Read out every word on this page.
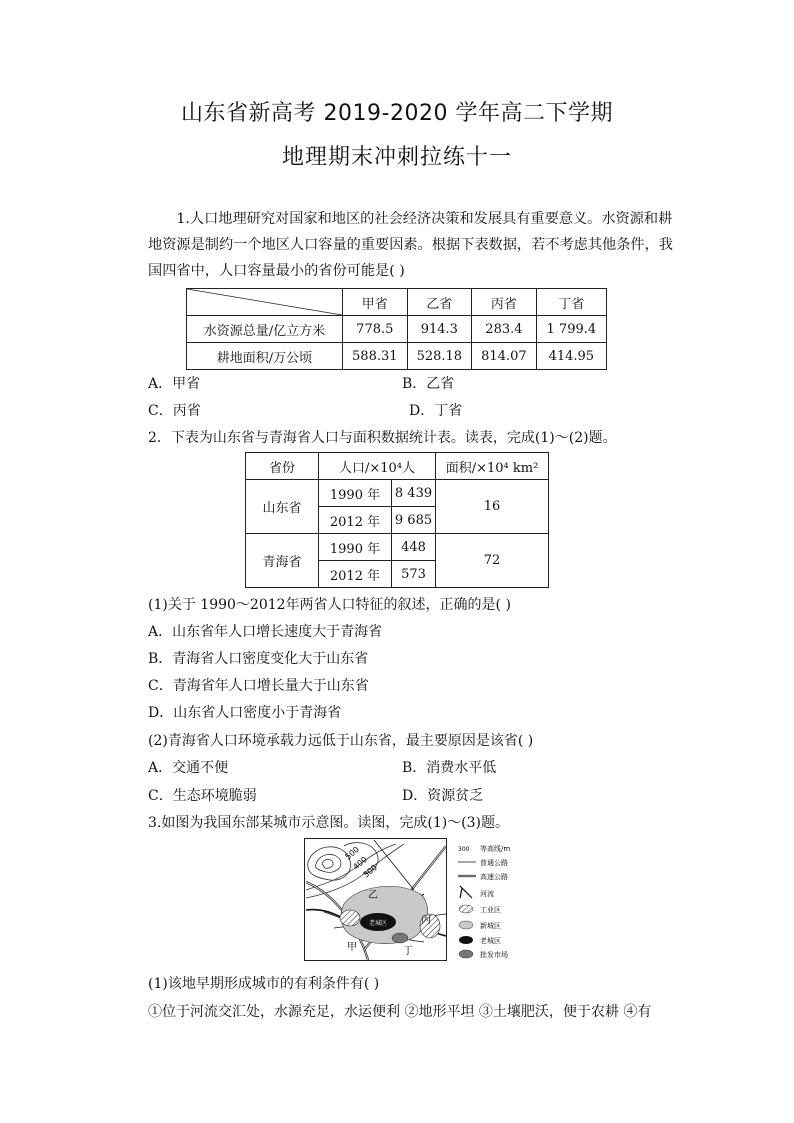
山东省新高考 2019-2020 学年高二下学期
地理期末冲刺拉练十一
1.人口地理研究对国家和地区的社会经济决策和发展具有重要意义。水资源和耕地资源是制约一个地区人口容量的重要因素。根据下表数据，若不考虑其他条件，我国四省中，人口容量最小的省份可能是( )
	甲省	乙省	丙省	丁省
水资源总量/亿立方米	778.5	914.3	283.4	1 799.4
耕地面积/万公顷	588.31	528.18	814.07	414.95
A．甲省	B．乙省
C．丙省	D．丁省
2．下表为山东省与青海省人口与面积数据统计表。读表，完成(1)～(2)题。
省份	人口/×10⁴人		面积/×10⁴ km²
山东省	1990 年	8 439	16
	2012 年	9 685	
青海省	1990 年	448	72
	2012 年	573	
(1)关于 1990～2012年两省人口特征的叙述，正确的是( )
A．山东省年人口增长速度大于青海省
B．青海省人口密度变化大于山东省
C．青海省年人口增长量大于山东省
D．山东省人口密度小于青海省
(2)青海省人口环境承载力远低于山东省，最主要原因是该省( )
A．交通不便	B．消费水平低
C．生态环境脆弱	D．资源贫乏
3.如图为我国东部某城市示意图。读图，完成(1)～(3)题。
500
400
300
老城区
乙
丙
甲	丁
300 等高线/m
普通公路
高速公路
河流
工业区
新城区
老城区
批发市场
(1)该地早期形成城市的有利条件有( )
①位于河流交汇处，水源充足，水运便利 ②地形平坦 ③土壤肥沃，便于农耕 ④有
